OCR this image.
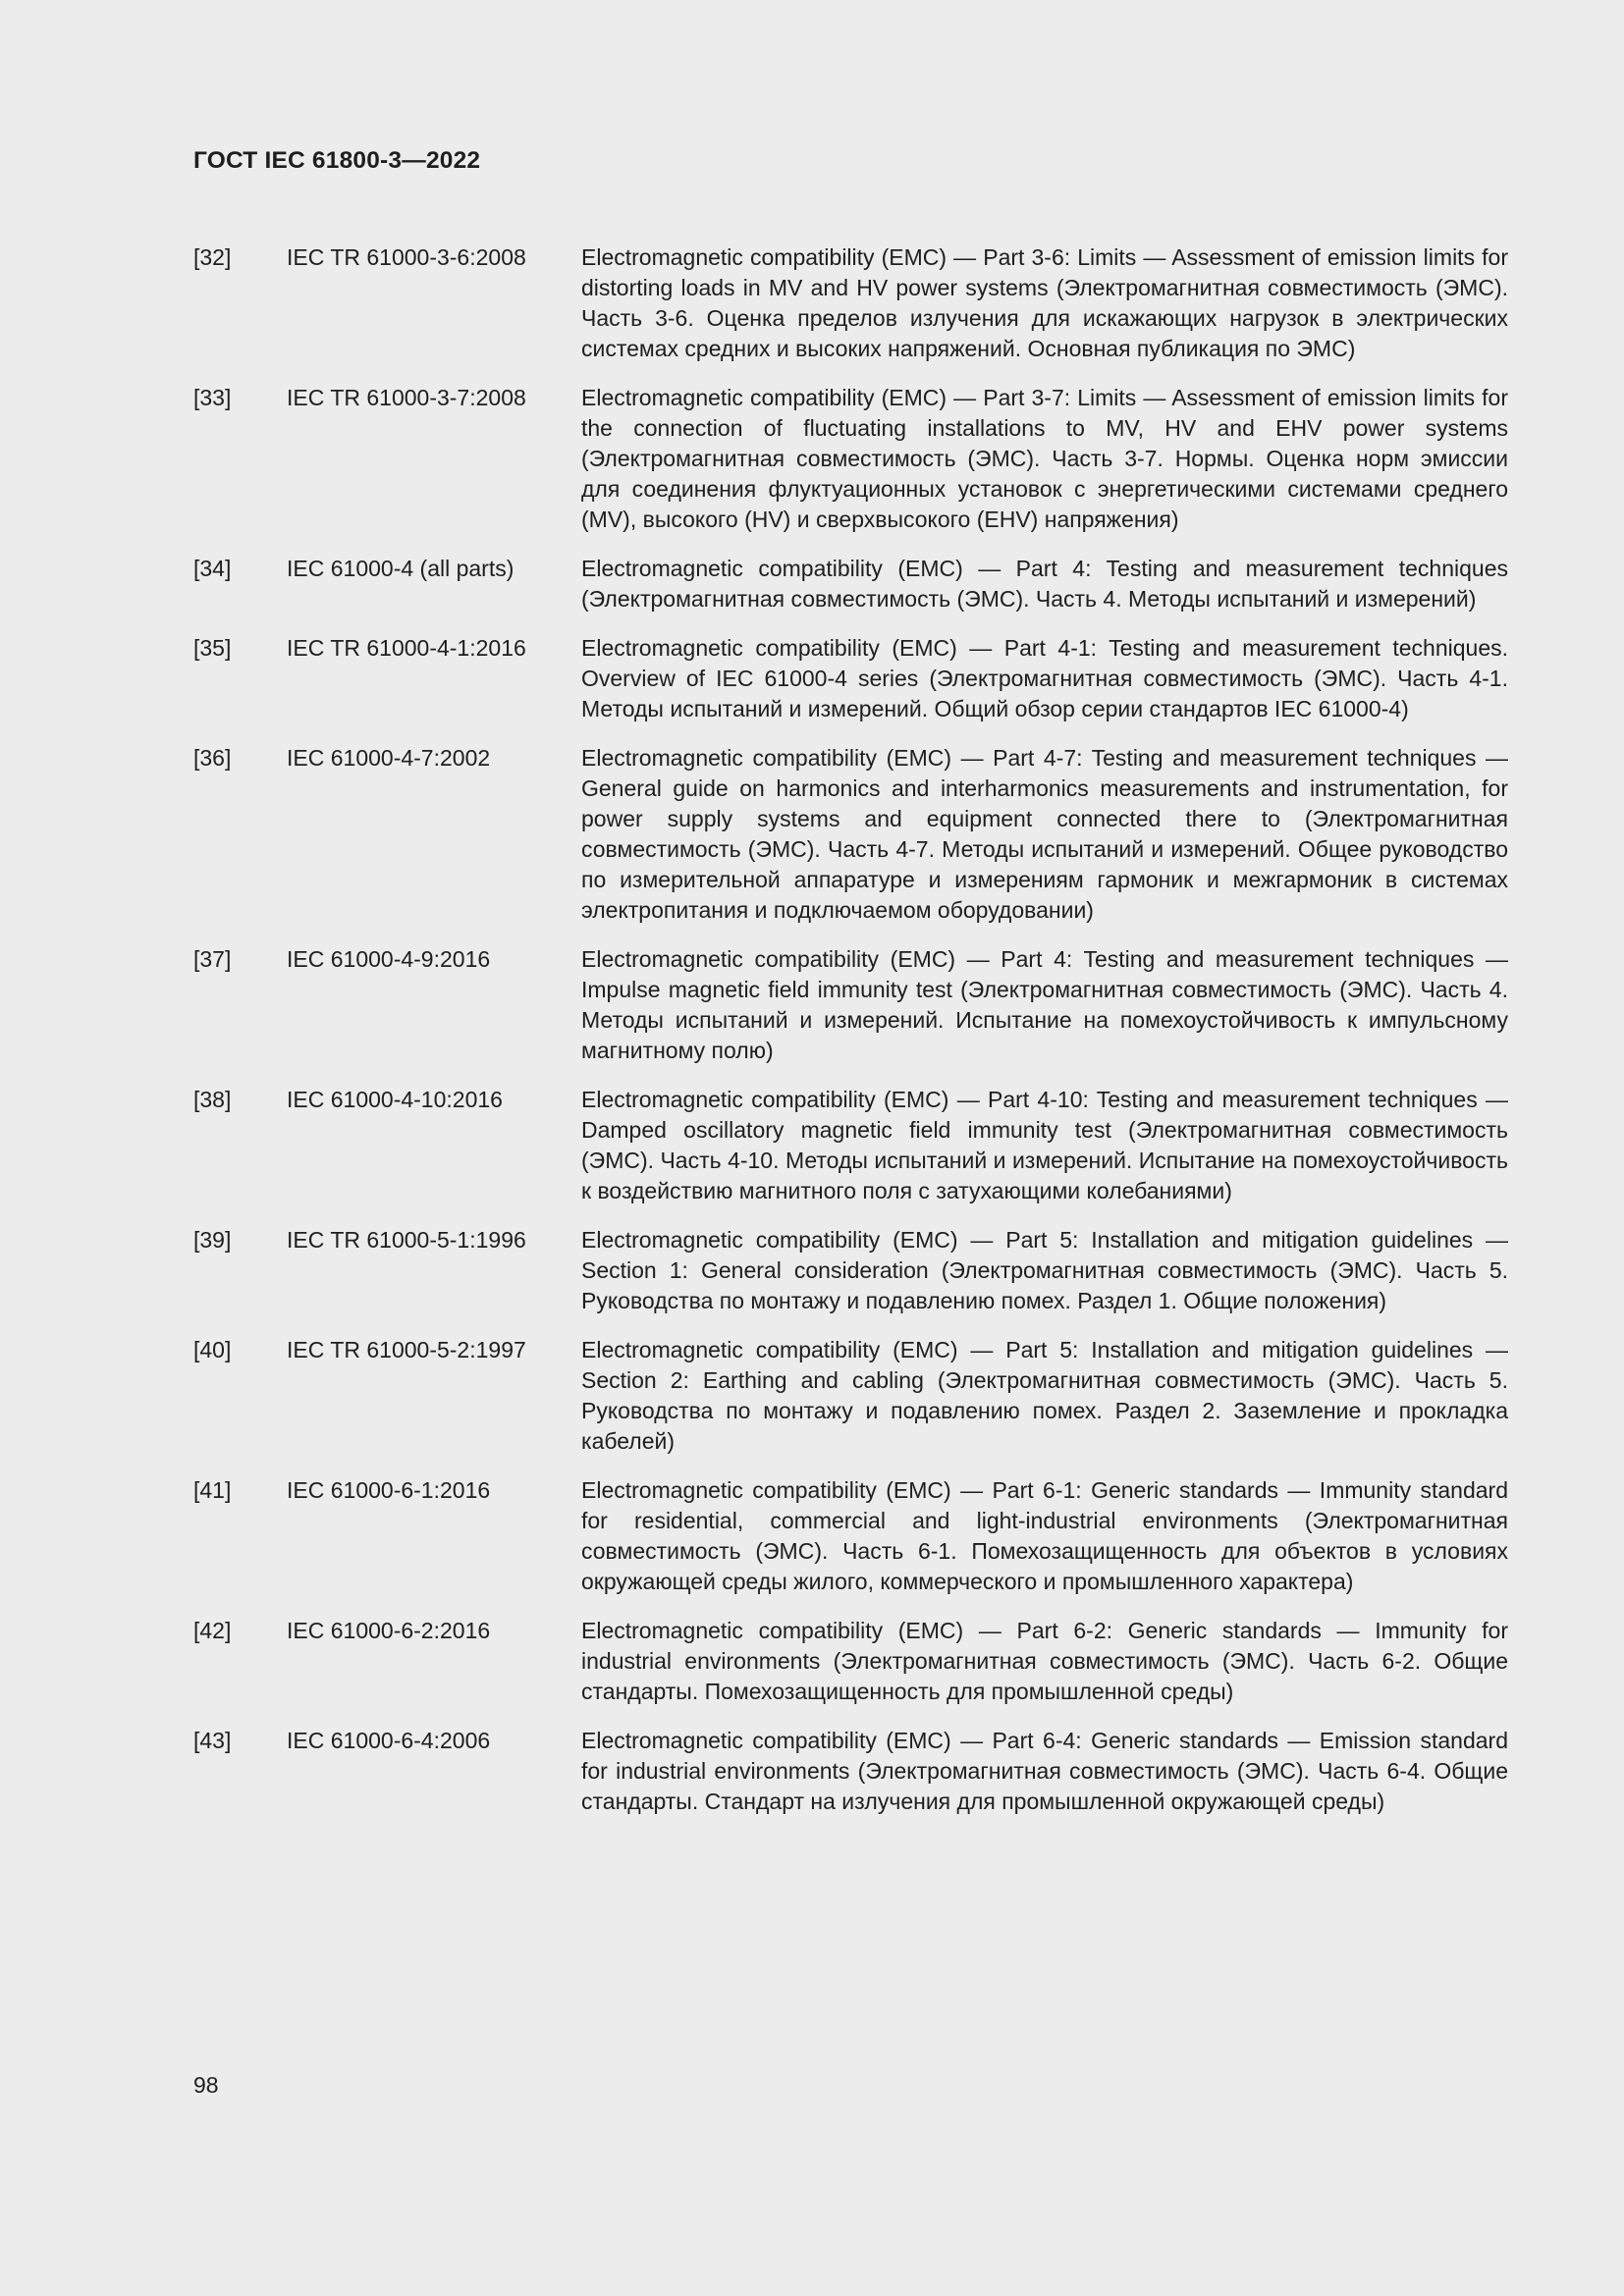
ГОСТ IEC 61800-3—2022
[32] IEC TR 61000-3-6:2008 Electromagnetic compatibility (EMC) — Part 3-6: Limits — Assessment of emission limits for distorting loads in MV and HV power systems (Электромагнитная совместимость (ЭМС). Часть 3-6. Оценка пределов излучения для искажающих нагрузок в электрических системах средних и высоких напряжений. Основная публикация по ЭМС)
[33] IEC TR 61000-3-7:2008 Electromagnetic compatibility (EMC) — Part 3-7: Limits — Assessment of emission limits for the connection of fluctuating installations to MV, HV and EHV power systems (Электромагнитная совместимость (ЭМС). Часть 3-7. Нормы. Оценка норм эмиссии для соединения флуктуационных установок с энергетическими системами среднего (MV), высокого (HV) и сверхвысокого (EHV) напряжения)
[34] IEC 61000-4 (all parts)	Electromagnetic compatibility (EMC) — Part 4: Testing and measurement techniques (Электромагнитная совместимость (ЭМС). Часть 4. Методы испытаний и измерений)
[35] IEC TR 61000-4-1:2016 Electromagnetic compatibility (EMC) — Part 4-1: Testing and measurement techniques. Overview of IEC 61000-4 series (Электромагнитная совместимость (ЭМС). Часть 4-1. Методы испытаний и измерений. Общий обзор серии стандартов IEC 61000-4)
[36] IEC 61000-4-7:2002	Electromagnetic compatibility (EMC) — Part 4-7: Testing and measurement techniques — General guide on harmonics and interharmonics measurements and instrumentation, for power supply systems and equipment connected there to (Электромагнитная совместимость (ЭМС). Часть 4-7. Методы испытаний и измерений. Общее руководство по измерительной аппаратуре и измерениям гармоник и межгармоник в системах электропитания и подключаемом оборудовании)
[37] IEC 61000-4-9:2016	Electromagnetic compatibility (EMC) — Part 4: Testing and measurement techniques — Impulse magnetic field immunity test (Электромагнитная совместимость (ЭМС). Часть 4. Методы испытаний и измерений. Испытание на помехоустойчивость к импульсному магнитному полю)
[38] IEC 61000-4-10:2016	Electromagnetic compatibility (EMC) — Part 4-10: Testing and measurement techniques — Damped oscillatory magnetic field immunity test (Электромагнитная совместимость (ЭМС). Часть 4-10. Методы испытаний и измерений. Испытание на помехоустойчивость к воздействию магнитного поля с затухающими колебаниями)
[39] IEC TR 61000-5-1:1996 Electromagnetic compatibility (EMC) — Part 5: Installation and mitigation guidelines — Section 1: General consideration (Электромагнитная совместимость (ЭМС). Часть 5. Руководства по монтажу и подавлению помех. Раздел 1. Общие положения)
[40] IEC TR 61000-5-2:1997 Electromagnetic compatibility (EMC) — Part 5: Installation and mitigation guidelines — Section 2: Earthing and cabling (Электромагнитная совместимость (ЭМС). Часть 5. Руководства по монтажу и подавлению помех. Раздел 2. Заземление и прокладка кабелей)
[41] IEC 61000-6-1:2016	Electromagnetic compatibility (EMC) — Part 6-1: Generic standards — Immunity standard for residential, commercial and light-industrial environments (Электромагнитная совместимость (ЭМС). Часть 6-1. Помехозащищенность для объектов в условиях окружающей среды жилого, коммерческого и промышленного характера)
[42] IEC 61000-6-2:2016	Electromagnetic compatibility (EMC) — Part 6-2: Generic standards — Immunity for industrial environments (Электромагнитная совместимость (ЭМС). Часть 6-2. Общие стандарты. Помехозащищенность для промышленной среды)
[43] IEC 61000-6-4:2006	Electromagnetic compatibility (EMC) — Part 6-4: Generic standards — Emission standard for industrial environments (Электромагнитная совместимость (ЭМС). Часть 6-4. Общие стандарты. Стандарт на излучения для промышленной окружающей среды)
98
